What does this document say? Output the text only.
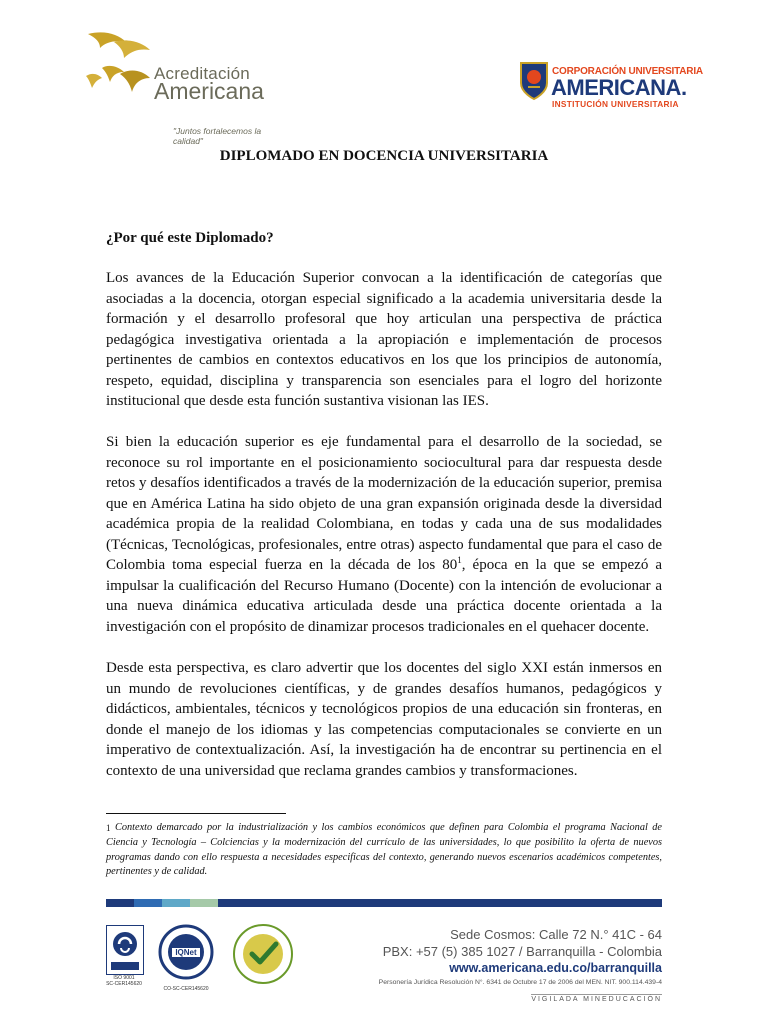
Acreditación
Americana
"Juntos fortalecemos la calidad"
CORPORACIÓN UNIVERSITARIA
AMERICANA.
INSTITUCIÓN UNIVERSITARIA
DIPLOMADO EN DOCENCIA UNIVERSITARIA
¿Por qué este Diplomado?

Los avances de la Educación Superior convocan a la identificación de categorías que asociadas a la docencia, otorgan especial significado a la academia universitaria desde la formación y el desarrollo profesoral que hoy articulan una perspectiva de práctica pedagógica investigativa orientada a la apropiación e implementación de procesos pertinentes de cambios en contextos educativos en los que los principios de autonomía, respeto, equidad, disciplina y transparencia son esenciales para el logro del horizonte institucional que desde esta función sustantiva visionan las IES.

Si bien la educación superior es eje fundamental para el desarrollo de la sociedad, se reconoce su rol importante en el posicionamiento sociocultural para dar respuesta desde retos y desafíos identificados a través de la modernización de la educación superior, premisa que en América Latina ha sido objeto de una gran expansión originada desde la diversidad académica propia de la realidad Colombiana, en todas y cada una de sus modalidades (Técnicas, Tecnológicas, profesionales, entre otras) aspecto fundamental que para el caso de Colombia toma especial fuerza en la década de los $80^1$, época en la que se empezó a impulsar la cualificación del Recurso Humano (Docente) con la intención de evolucionar a una nueva dinámica educativa articulada desde una práctica docente orientada a la investigación con el propósito de dinamizar procesos tradicionales en el quehacer docente.

Desde esta perspectiva, es claro advertir que los docentes del siglo XXI están inmersos en un mundo de revoluciones científicas, y de grandes desafíos humanos, pedagógicos y didácticos, ambientales, técnicos y tecnológicos propios de una educación sin fronteras, en donde el manejo de los idiomas y las competencias computacionales se convierte en un imperativo de contextualización. Así, la investigación ha de encontrar su pertinencia en el contexto de una universidad que reclama grandes cambios y transformaciones.

1 Contexto demarcado por la industrialización y los cambios económicos que definen para Colombia el programa Nacional de Ciencia y Tecnología – Colciencias y la modernización del currículo de las universidades, lo que posibilito la oferta de nuevos programas dando con ello respuesta a necesidades especificas del contexto, generando nuevos escenarios académicos competentes, pertinentes y de calidad.
ISO 9001
SC-CER145620
IQNet
CO-SC-CER145620
Sede Cosmos: Calle 72 N.° 41C - 64
PBX: +57 (5) 385 1027 / Barranquilla - Colombia
www.americana.edu.co/barranquilla
Personería Jurídica Resolución N°. 6341 de Octubre 17 de 2006 del MEN. NIT. 900.114.439-4
VIGILADA MINEDUCACIÓN
